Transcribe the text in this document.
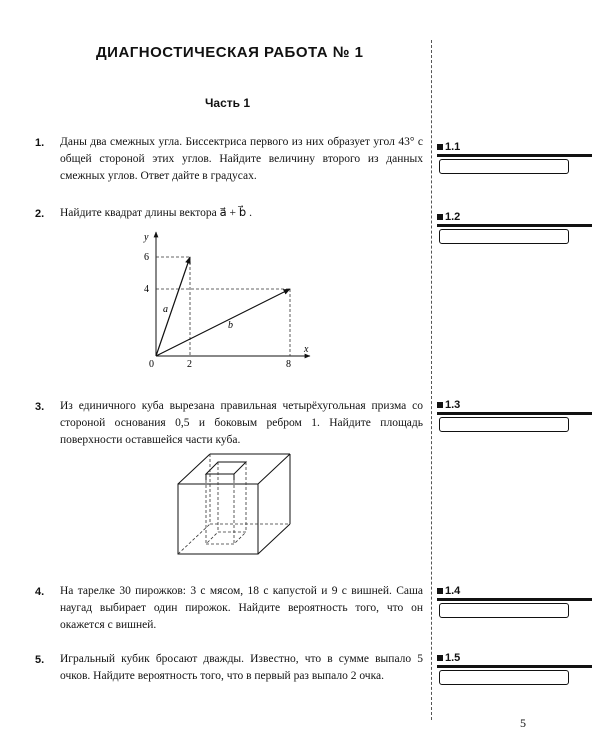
ДИАГНОСТИЧЕСКАЯ РАБОТА № 1
Часть 1
1. Даны два смежных угла. Биссектриса первого из них образует угол 43° с общей стороной этих углов. Найдите величину второго из данных смежных углов. Ответ дайте в градусах.
2. Найдите квадрат длины вектора a⃗ + b⃗ .
y
x
6
4
0	2	8
a
b
3. Из единичного куба вырезана правильная четырёхугольная призма со стороной основания 0,5 и боковым ребром 1. Найдите площадь поверхности оставшейся части куба.
4. На тарелке 30 пирожков: 3 с мясом, 18 с капустой и 9 с вишней. Саша наугад выбирает один пирожок. Найдите вероятность того, что он окажется с вишней.
5. Игральный кубик бросают дважды. Известно, что в сумме выпало 5 очков. Найдите вероятность того, что в первый раз выпало 2 очка.
1.1
1.2
1.3
1.4
1.5
5
